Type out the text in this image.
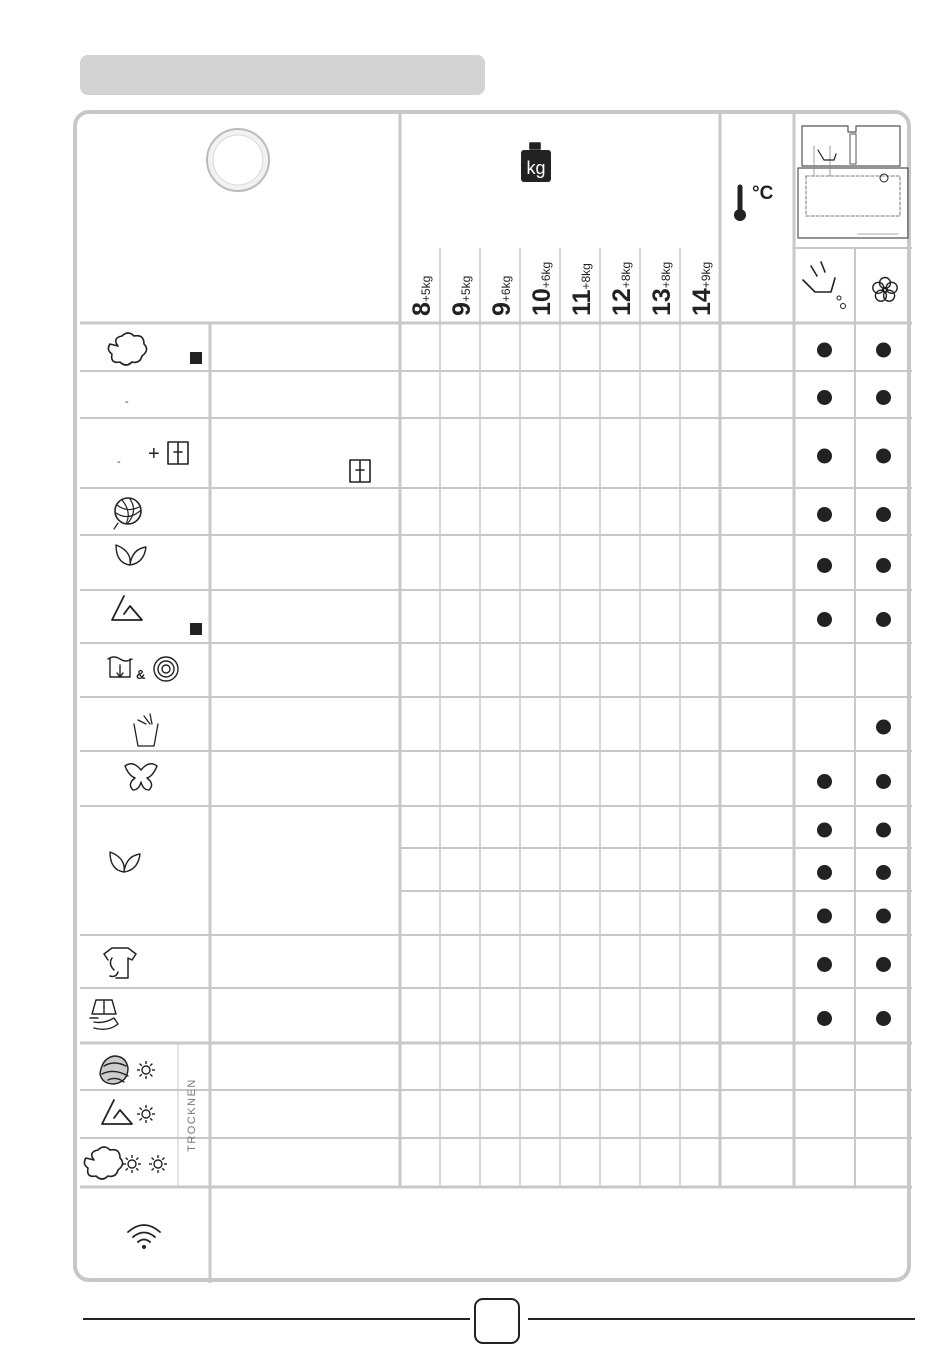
kg
°C
+
&
8+5kg
9+5kg
9+6kg
10+6kg
11+8kg
12+8kg
13+8kg
14+9kg
TROCKNEN
-
-
